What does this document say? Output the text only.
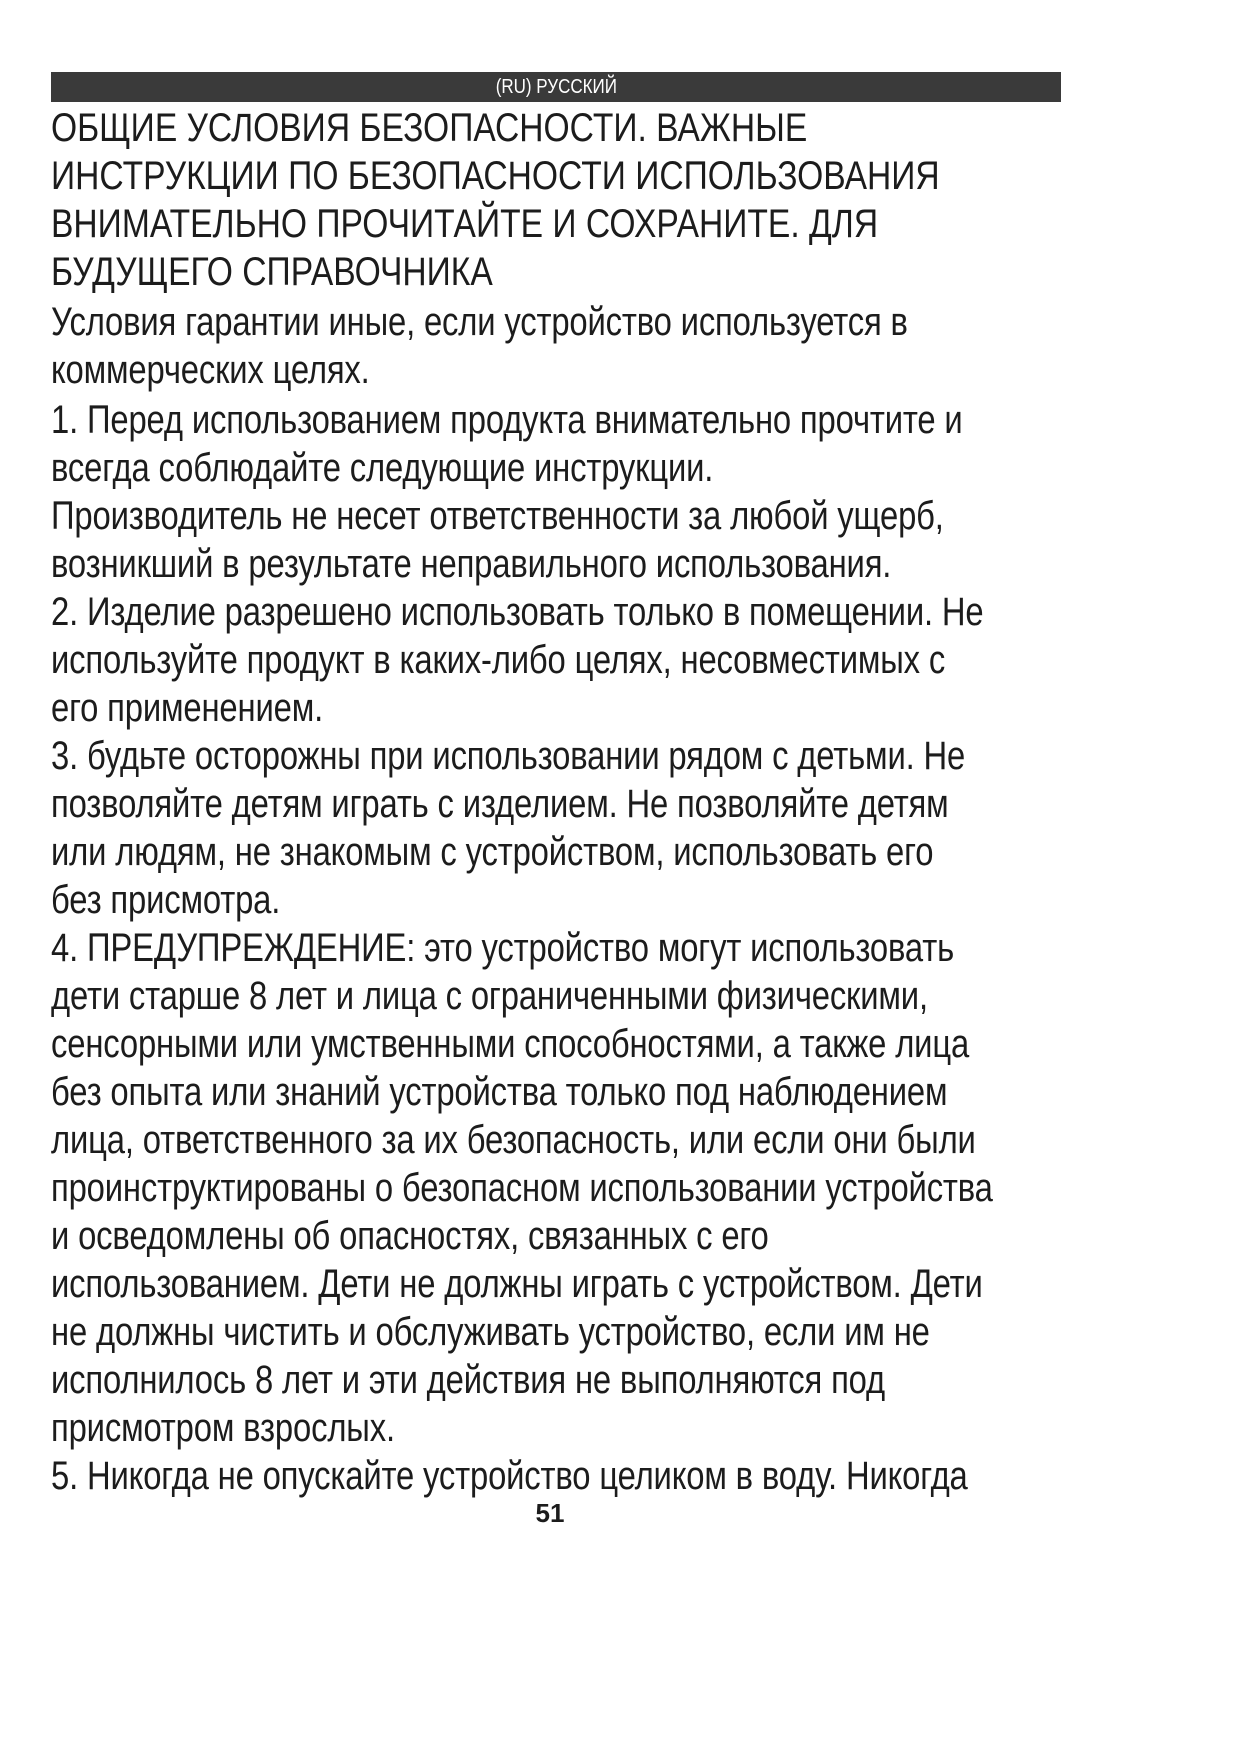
(RU) РУССКИЙ
ОБЩИЕ УСЛОВИЯ БЕЗОПАСНОСТИ. ВАЖНЫЕ
ИНСТРУКЦИИ ПО БЕЗОПАСНОСТИ ИСПОЛЬЗОВАНИЯ
ВНИМАТЕЛЬНО ПРОЧИТАЙТЕ И СОХРАНИТЕ. ДЛЯ
БУДУЩЕГО СПРАВОЧНИКА
Условия гарантии иные, если устройство используется в
коммерческих целях.
1. Перед использованием продукта внимательно прочтите и
всегда соблюдайте следующие инструкции.
Производитель не несет ответственности за любой ущерб,
возникший в результате неправильного использования.
2. Изделие разрешено использовать только в помещении. Не
используйте продукт в каких-либо целях, несовместимых с
его применением.
3. будьте осторожны при использовании рядом с детьми. Не
позволяйте детям играть с изделием. Не позволяйте детям
или людям, не знакомым с устройством, использовать его
без присмотра.
4. ПРЕДУПРЕЖДЕНИЕ: это устройство могут использовать
дети старше 8 лет и лица с ограниченными физическими,
сенсорными или умственными способностями, а также лица
без опыта или знаний устройства только под наблюдением
лица, ответственного за их безопасность, или если они были
проинструктированы о безопасном использовании устройства
и осведомлены об опасностях, связанных с его
использованием. Дети не должны играть с устройством. Дети
не должны чистить и обслуживать устройство, если им не
исполнилось 8 лет и эти действия не выполняются под
присмотром взрослых.
5. Никогда не опускайте устройство целиком в воду. Никогда
51
